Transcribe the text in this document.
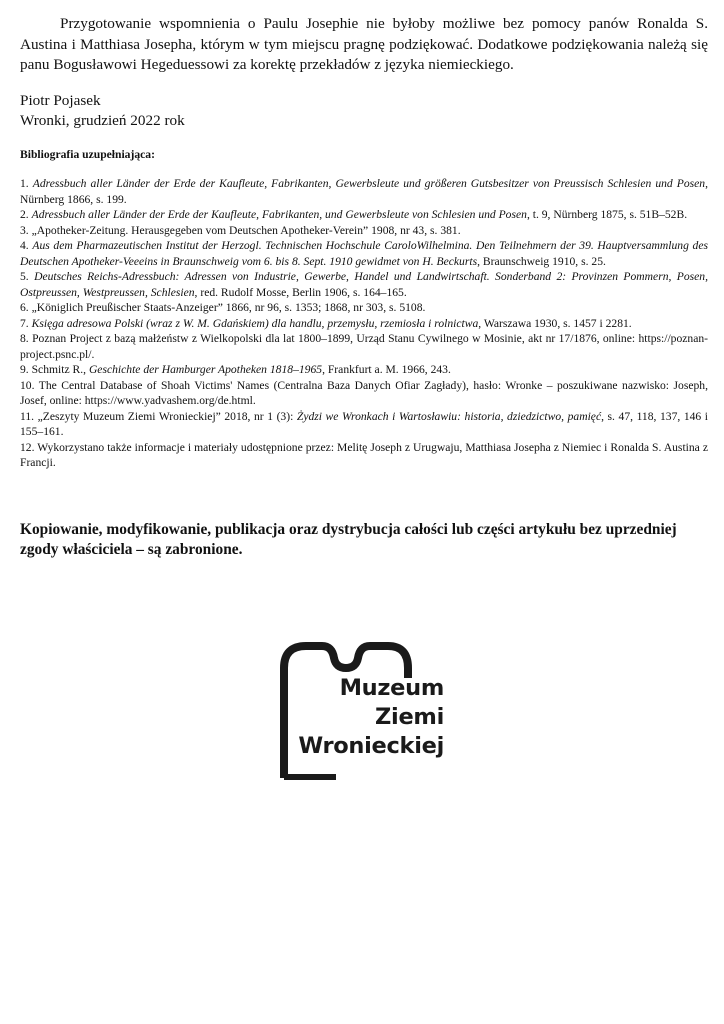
Przygotowanie wspomnienia o Paulu Josephie nie byłoby możliwe bez pomocy panów Ronalda S. Austina i Matthiasa Josepha, którym w tym miejscu pragnę podziękować. Dodatkowe podziękowania należą się panu Bogusławowi Hegeduessowi za korektę przekładów z języka niemieckiego.

Piotr Pojasek
Wronki, grudzień 2022 rok

Bibliografia uzupełniająca:

1. Adressbuch aller Länder der Erde der Kaufleute, Fabrikanten, Gewerbsleute und größeren Gutsbesitzer von Preussisch Schlesien und Posen, Nürnberg 1866, s. 199.
2. Adressbuch aller Länder der Erde der Kaufleute, Fabrikanten, und Gewerbsleute von Schlesien und Posen, t. 9, Nürnberg 1875, s. 51B–52B.
3. „Apotheker-Zeitung. Herausgegeben vom Deutschen Apotheker-Verein” 1908, nr 43, s. 381.
4. Aus dem Pharmazeutischen Institut der Herzogl. Technischen Hochschule CaroloWilhelmina. Den Teilnehmern der 39. Hauptversammlung des Deutschen Apotheker-Veeeins in Braunschweig vom 6. bis 8. Sept. 1910 gewidmet von H. Beckurts, Braunschweig 1910, s. 25.
5. Deutsches Reichs-Adressbuch: Adressen von Industrie, Gewerbe, Handel und Landwirtschaft. Sonderband 2: Provinzen Pommern, Posen, Ostpreussen, Westpreussen, Schlesien, red. Rudolf Mosse, Berlin 1906, s. 164–165.
6. „Königlich Preußischer Staats-Anzeiger” 1866, nr 96, s. 1353; 1868, nr 303, s. 5108.
7. Księga adresowa Polski (wraz z W. M. Gdańskiem) dla handlu, przemysłu, rzemiosła i rolnictwa, Warszawa 1930, s. 1457 i 2281.
8. Poznan Project z bazą małżeństw z Wielkopolski dla lat 1800–1899, Urząd Stanu Cywilnego w Mosinie, akt nr 17/1876, online: https://poznan-project.psnc.pl/.
9. Schmitz R., Geschichte der Hamburger Apotheken 1818–1965, Frankfurt a. M. 1966, 243.
10. The Central Database of Shoah Victims' Names (Centralna Baza Danych Ofiar Zagłady), hasło: Wronke – poszukiwane nazwisko: Joseph, Josef, online: https://www.yadvashem.org/de.html.
11. „Zeszyty Muzeum Ziemi Wronieckiej” 2018, nr 1 (3): Żydzi we Wronkach i Wartosławiu: historia, dziedzictwo, pamięć, s. 47, 118, 137, 146 i 155–161.
12. Wykorzystano także informacje i materiały udostępnione przez: Melitę Joseph z Urugwaju, Matthiasa Josepha z Niemiec i Ronalda S. Austina z Francji.

Kopiowanie, modyfikowanie, publikacja oraz dystrybucja całości lub części artykułu bez uprzedniej zgody właściciela – są zabronione.

Muzeum
Ziemi
Wronieckiej
